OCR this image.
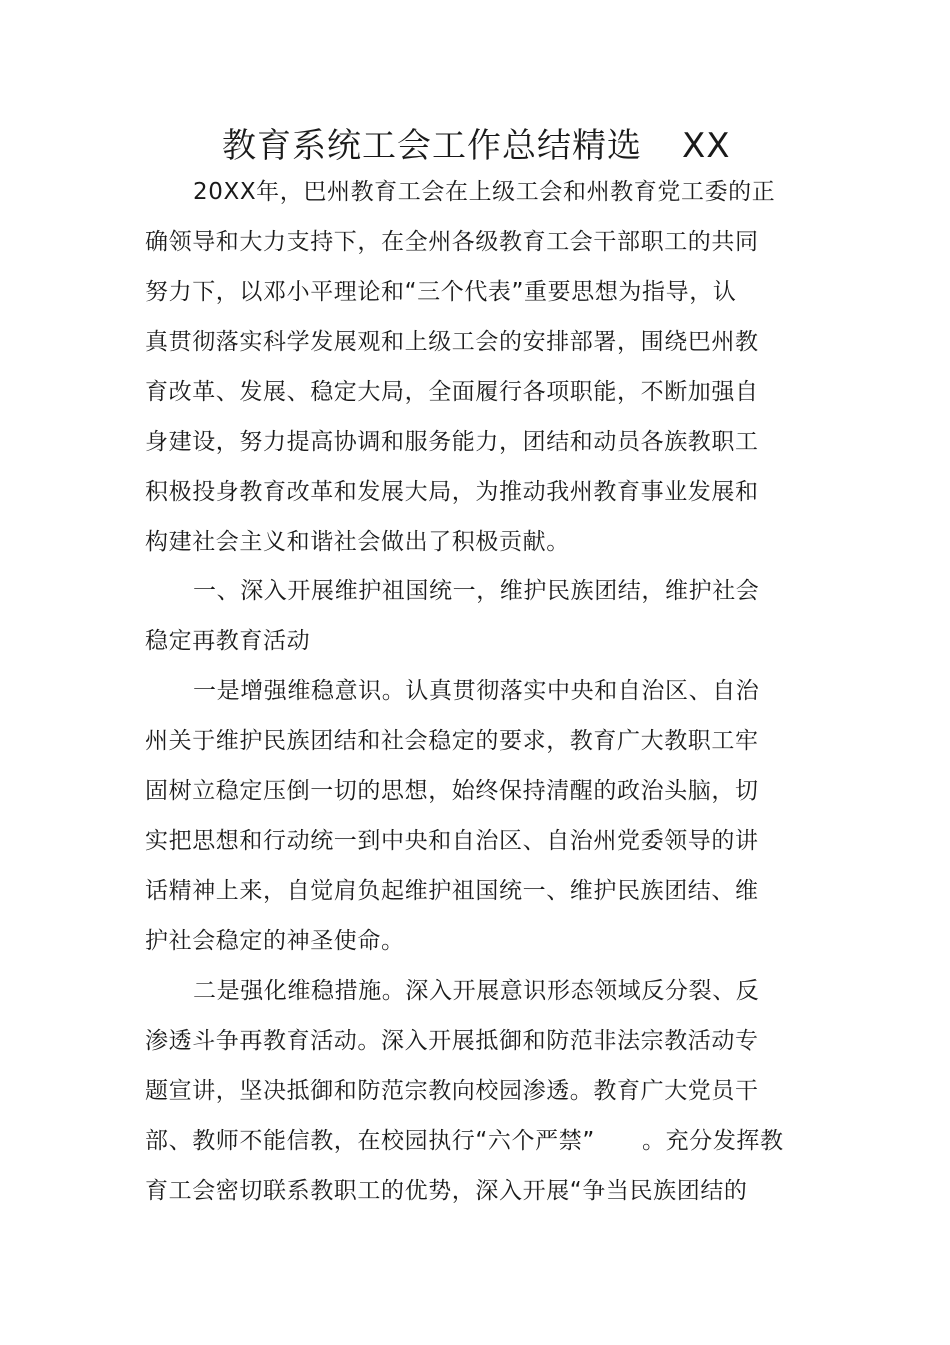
教育系统工会工作总结精选 XX
20XX年，巴州教育工会在上级工会和州教育党工委的正
确领导和大力支持下，在全州各级教育工会干部职工的共同
努力下，以邓小平理论和“三个代表”重要思想为指导，认
真贯彻落实科学发展观和上级工会的安排部署，围绕巴州教
育改革、发展、稳定大局，全面履行各项职能，不断加强自
身建设，努力提高协调和服务能力，团结和动员各族教职工
积极投身教育改革和发展大局，为推动我州教育事业发展和
构建社会主义和谐社会做出了积极贡献。
一、深入开展维护祖国统一，维护民族团结，维护社会
稳定再教育活动
一是增强维稳意识。认真贯彻落实中央和自治区、自治
州关于维护民族团结和社会稳定的要求，教育广大教职工牢
固树立稳定压倒一切的思想，始终保持清醒的政治头脑，切
实把思想和行动统一到中央和自治区、自治州党委领导的讲
话精神上来，自觉肩负起维护祖国统一、维护民族团结、维
护社会稳定的神圣使命。
二是强化维稳措施。深入开展意识形态领域反分裂、反
渗透斗争再教育活动。深入开展抵御和防范非法宗教活动专
题宣讲，坚决抵御和防范宗教向校园渗透。教育广大党员干
部、教师不能信教，在校园执行“六个严禁”　　。充分发挥教
育工会密切联系教职工的优势，深入开展“争当民族团结的
